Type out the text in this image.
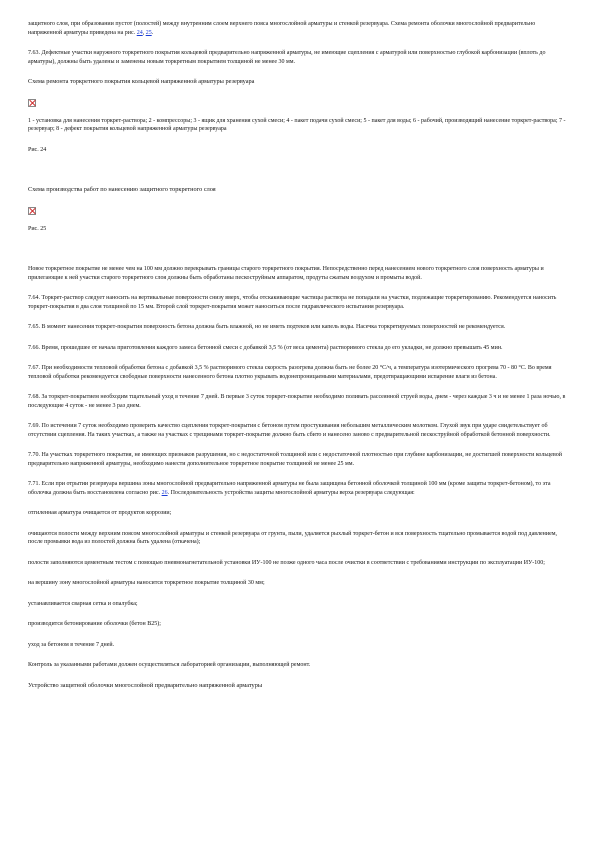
защитного слоя, при образовании пустот (полостей) между внутренним слоем верхнего пояса многослойной арматуры и стенкой резервуара. Схема ремонта оболочки многослойной предварительно напряженной арматуры приведена на рис. 24, 25.

7.63. Дефектные участки наружного торкретного покрытия кольцевой предварительно напряженной арматуры, не имеющие сцепления с арматурой или поверхностью глубокой карбонизации (вплоть до арматуры), должны быть удалены и заменены новым торкретным покрытием толщиной не менее 30 мм.

Схема ремонта торкретного покрытия кольцевой напряженной арматуры резервуара

1 - установка для нанесения торкрет-раствора; 2 - компрессоры; 3 - ящик для хранения сухой смеси; 4 - пакет подачи сухой смеси; 5 - пакет для воды; 6 - рабочий, производящий нанесение торкрет-раствора; 7 - резервуар; 8 - дефект покрытия кольцевой напряженной арматуры резервуара

Рис. 24

Схема производства работ по нанесению защитного торкретного слоя

Рис. 25

Новое торкретное покрытие не менее чем на 100 мм должно перекрывать границы старого торкретного покрытия. Непосредственно перед нанесением нового торкретного слоя поверхность арматуры и прилегающие к ней участки старого торкретного слоя должны быть обработаны пескоструйным аппаратом, продуты сжатым воздухом и промыты водой.

7.64. Торкрет-раствор следует наносить на вертикальные поверхности снизу вверх, чтобы отскакивающие частицы раствора не попадали на участки, подлежащие торкретированию. Рекомендуется наносить торкрет-покрытия в два слоя толщиной по 15 мм. Второй слой торкрет-покрытия может наноситься после гидравлического испытания резервуара.

7.65. В момент нанесения торкрет-покрытия поверхность бетона должна быть влажной, но не иметь подтеков или капель воды. Насечка торкретируемых поверхностей не рекомендуется.

7.66. Время, прошедшее от начала приготовления каждого замеса бетонной смеси с добавкой 3,5 % (от веса цемента) растворимого стекла до его укладки, не должно превышать 45 мин.

7.67. При необходимости тепловой обработки бетона с добавкой 3,5 % растворимого стекла скорость разогрева должна быть не более 20 °С/ч, а температура изотермического прогрева 70 - 80 °С. Во время тепловой обработки рекомендуется свободные поверхности нанесенного бетона плотно укрывать водонепроницаемыми материалами, предотвращающими испарение влаги из бетона.

7.68. За торкрет-покрытием необходим тщательный уход в течение 7 дней. В первые 3 суток торкрет-покрытие необходимо поливать рассеянной струей воды, днем - через каждые 3 ч и не менее 1 раза ночью, в последующие 4 суток - не менее 3 раз днем.

7.69. По истечении 7 суток необходимо проверить качество сцепления торкрет-покрытия с бетоном путем простукивания небольшим металлическим молотком. Глухой звук при ударе свидетельствует об отсутствии сцепления. На таких участках, а также на участках с трещинами торкрет-покрытие должно быть сбито и нанесено заново с предварительной пескоструйной обработкой бетонной поверхности.

7.70. На участках торкретного покрытия, не имеющих признаков разрушения, но с недостаточной толщиной или с недостаточной плотностью при глубине карбонизации, не достигшей поверхности кольцевой предварительно напряженной арматуры, необходимо нанести дополнительное торкретное покрытие толщиной не менее 25 мм.

7.71. Если при отрытии резервуара вершина зоны многослойной предварительно напряженной арматуры не была защищена бетонной оболочкой толщиной 100 мм (кроме защиты торкрет-бетоном), то эта оболочка должна быть восстановлена согласно рис. 26. Последовательность устройства защиты многослойной арматуры верха резервуара следующая:

отгиленная арматура очищается от продуктов коррозии;

очищаются полости между верхним поясом многослойной арматуры и стенкой резервуара от грунта, пыли, удаляется рыхлый торкрет-бетон и вся поверхность тщательно промывается водой под давлением, после промывки вода из полостей должна быть удалена (откачена);

полости заполняются цементным тестом с помощью пневмонагнетательной установки ИУ-100 не позже одного часа после очистки в соответствии с требованиями инструкции по эксплуатации ИУ-100;

на вершину зону многослойной арматуры наносится торкретное покрытие толщиной 30 мм;

устанавливается сварная сетка и опалубка;

производится бетонирование оболочки (бетон В25);

уход за бетоном в течение 7 дней.

Контроль за указанными работами должен осуществляться лабораторией организации, выполняющей ремонт.

Устройство защитной оболочки многослойной предварительно напряженной арматуры
